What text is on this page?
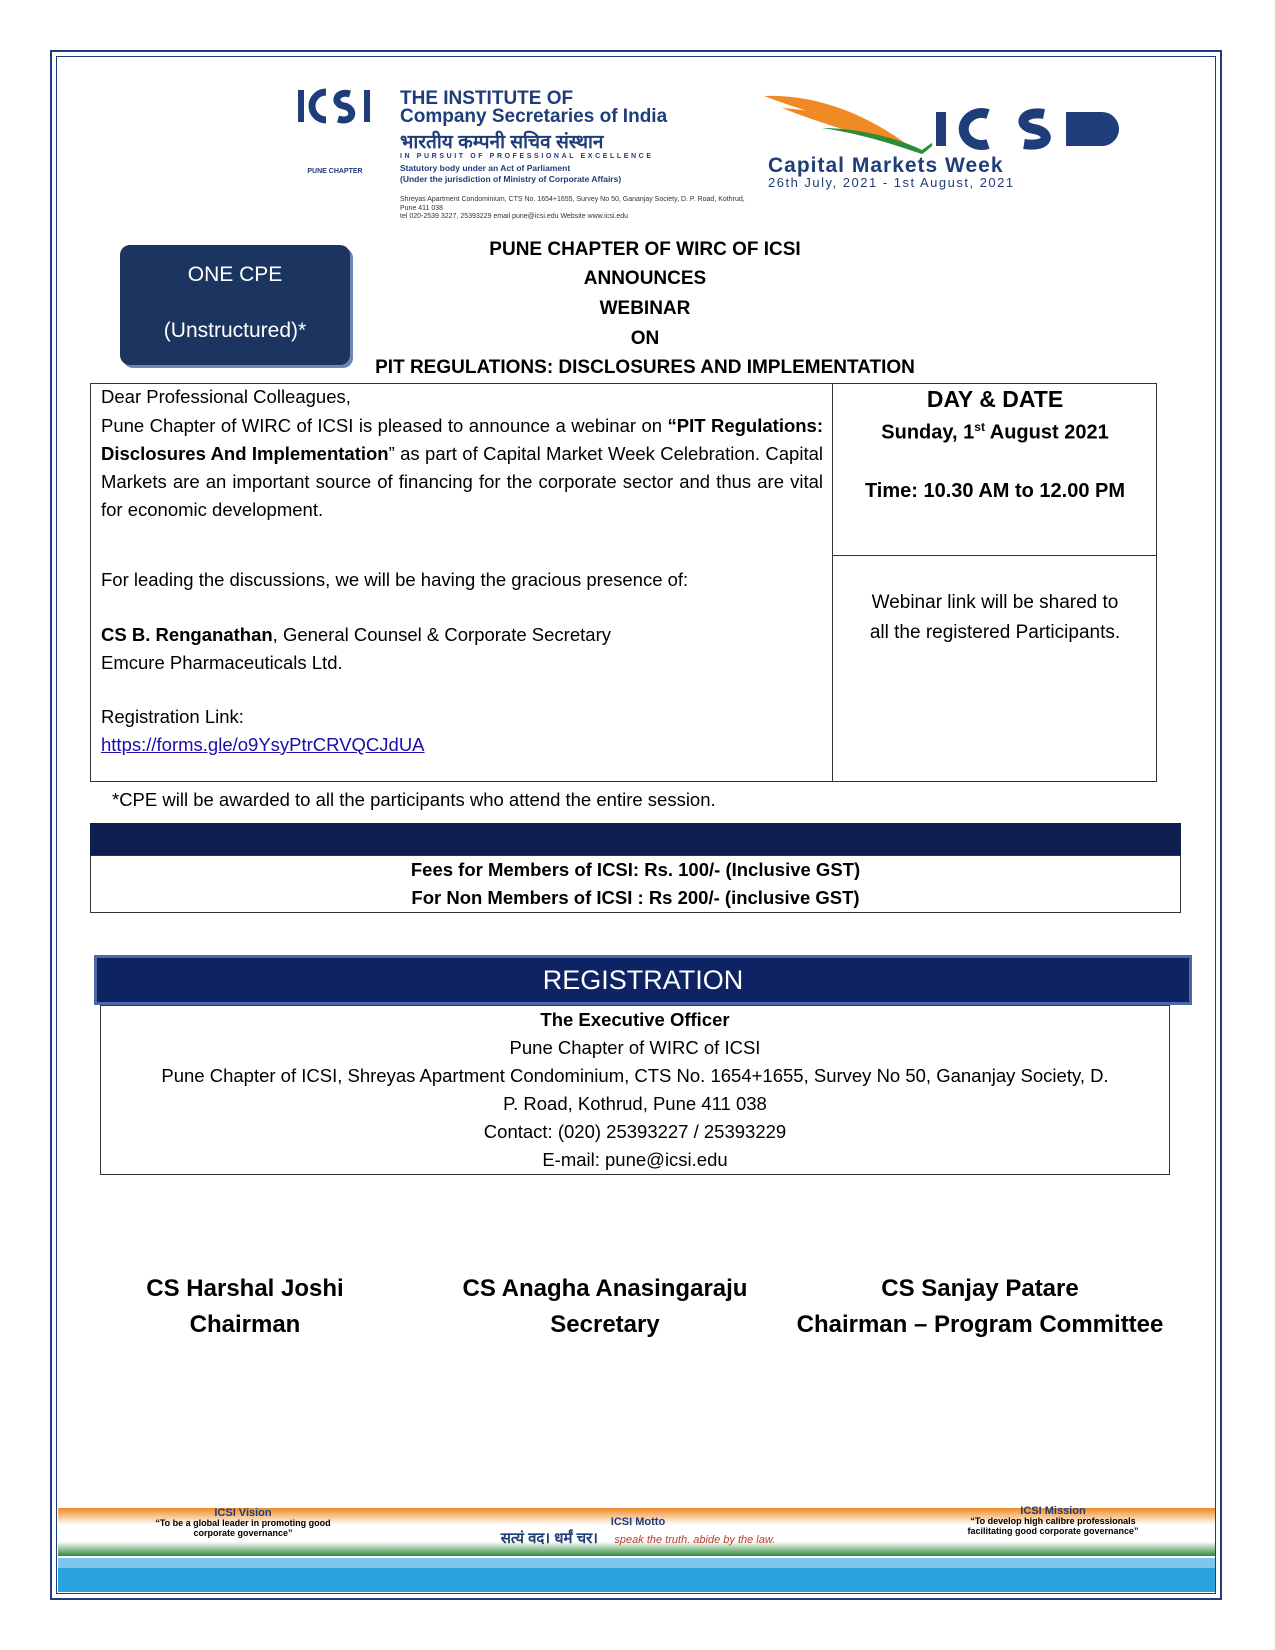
PUNE CHAPTER
THE INSTITUTE OF
Company Secretaries of India
भारतीय कम्पनी सचिव संस्थान
IN PURSUIT OF PROFESSIONAL EXCELLENCE
Statutory body under an Act of Parliament
(Under the jurisdiction of Ministry of Corporate Affairs)
Shreyas Apartment Condominium, CTS No. 1654+1655, Survey No 50, Gananjay Society, D. P. Road, Kothrud, Pune 411 038
tel 020-2539 3227, 25393229 email pune@icsi.edu Website www.icsi.edu
Capital Markets Week
26th July, 2021 - 1st August, 2021
ONE CPE
(Unstructured)*
PUNE CHAPTER OF WIRC OF ICSI
ANNOUNCES
WEBINAR
ON
PIT REGULATIONS: DISCLOSURES AND IMPLEMENTATION
Dear Professional Colleagues,
Pune Chapter of WIRC of ICSI is pleased to announce a webinar on “PIT Regulations: Disclosures And Implementation” as part of Capital Market Week Celebration. Capital Markets are an important source of financing for the corporate sector and thus are vital for economic development.
For leading the discussions, we will be having the gracious presence of:
CS B. Renganathan, General Counsel & Corporate Secretary
Emcure Pharmaceuticals Ltd.
Registration Link:
https://forms.gle/o9YsyPtrCRVQCJdUA
DAY & DATE
Sunday, 1st August 2021
Time: 10.30 AM to 12.00 PM
Webinar link will be shared to
all the registered Participants.
*CPE will be awarded to all the participants who attend the entire session.
Fees for Members of ICSI: Rs. 100/- (Inclusive GST)
For Non Members of ICSI : Rs 200/- (inclusive GST)
REGISTRATION
The Executive Officer
Pune Chapter of WIRC of ICSI
Pune Chapter of ICSI, Shreyas Apartment Condominium, CTS No. 1654+1655, Survey No 50, Gananjay Society, D.
P. Road, Kothrud, Pune 411 038
Contact: (020) 25393227 / 25393229
E-mail: pune@icsi.edu
CS Harshal Joshi
Chairman
CS Anagha Anasingaraju
Secretary
CS Sanjay Patare
Chairman – Program Committee
ICSI Vision
“To be a global leader in promoting good corporate governance”
ICSI Motto
सत्यं वद। धर्मं चर। speak the truth. abide by the law.
ICSI Mission
“To develop high calibre professionals facilitating good corporate governance”
